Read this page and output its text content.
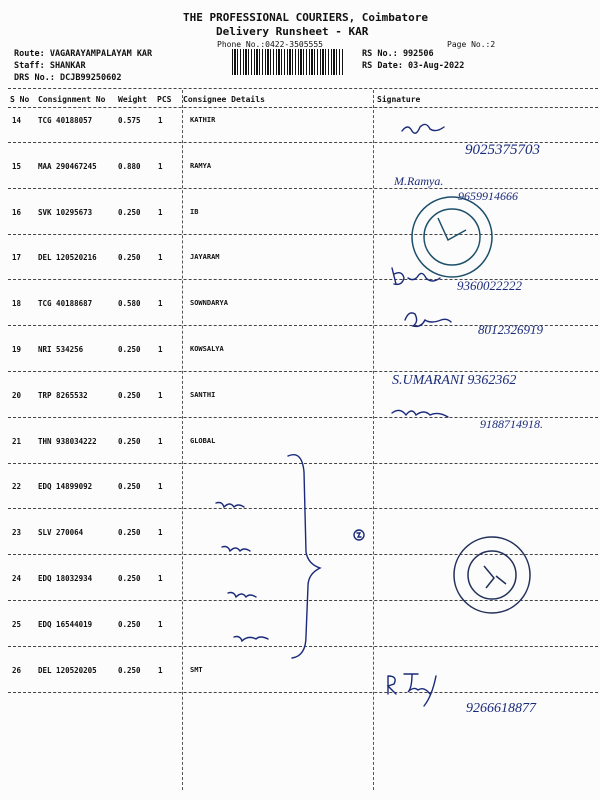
THE PROFESSIONAL COURIERS, Coimbatore
Delivery Runsheet - KAR
Phone No.:0422-3505555	Page No.:2
Route: VAGARAYAMPALAYAM KAR
Staff: SHANKAR
DRS No.: DCJB99250602
RS No.: 992506
RS Date: 03-Aug-2022
S No Consignment No Weight PCS Consignee Details	Signature
14 TCG 40188057	0.575 1	KATHIR
15 MAA 290467245	0.880 1	RAMYA
16 SVK 10295673	0.250 1	IB
17 DEL 120520216	0.250 1	JAYARAM
18 TCG 40188687	0.580 1	SOWNDARYA
19 NRI 534256	0.250 1	KOWSALYA
20 TRP 8265532	0.250 1	SANTHI
21 THN 938034222	0.250 1	GLOBAL
22 EDQ 14899092	0.250 1
23 SLV 270064	0.250 1
24 EDQ 18032934	0.250 1
25 EDQ 16544019	0.250 1
26 DEL 120520205	0.250 1	SMT
9025375703
M.Ramya.
9659914666
9360022222
8012326919
S.UMARANI 9362362
9188714918.
9266618877
